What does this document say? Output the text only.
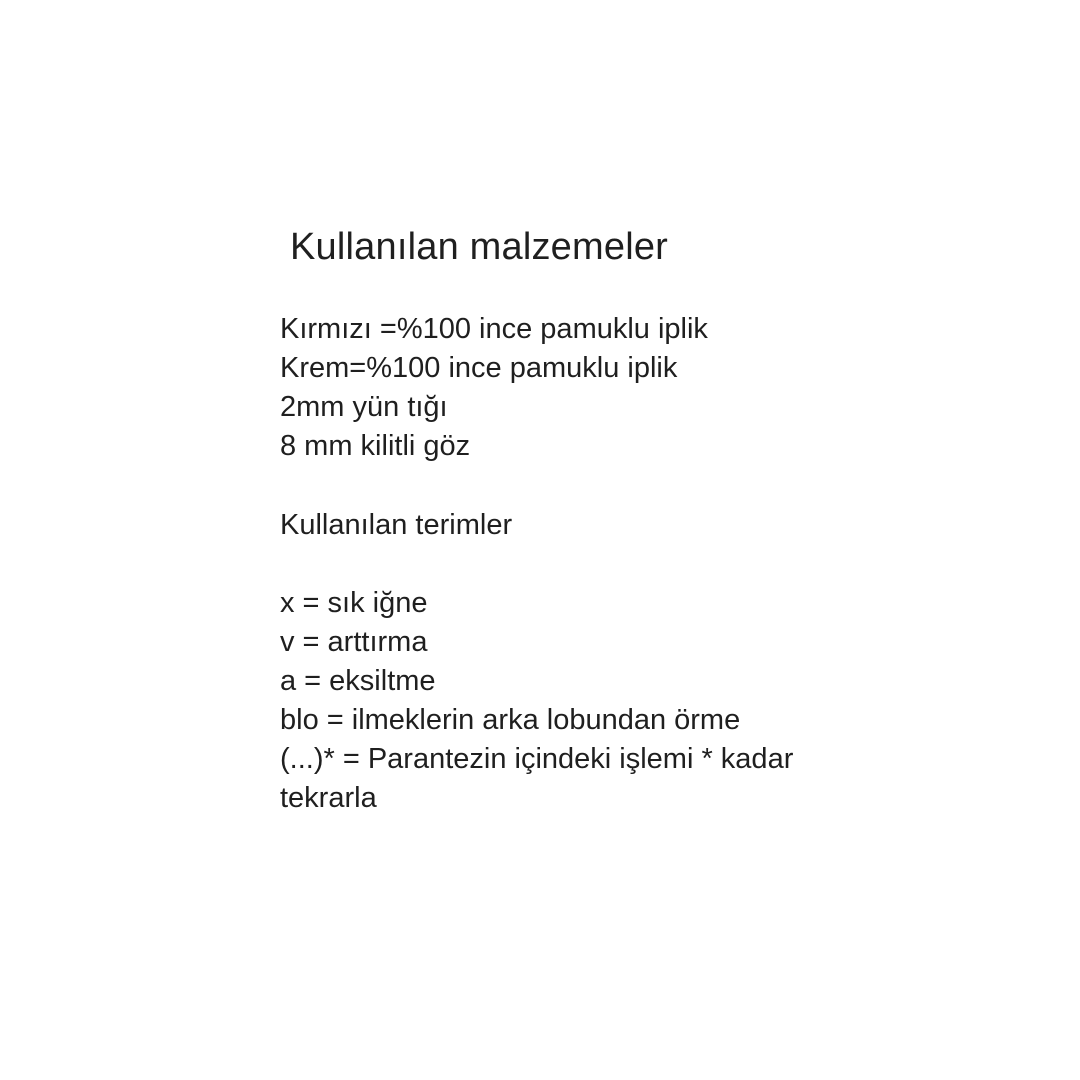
Kullanılan malzemeler
Kırmızı =%100 ince pamuklu iplik
Krem=%100 ince pamuklu iplik
2mm yün tığı
8 mm kilitli göz
Kullanılan terimler
x = sık iğne
v = arttırma
a = eksiltme
blo = ilmeklerin arka lobundan örme
(...)* = Parantezin içindeki işlemi * kadar tekrarla
